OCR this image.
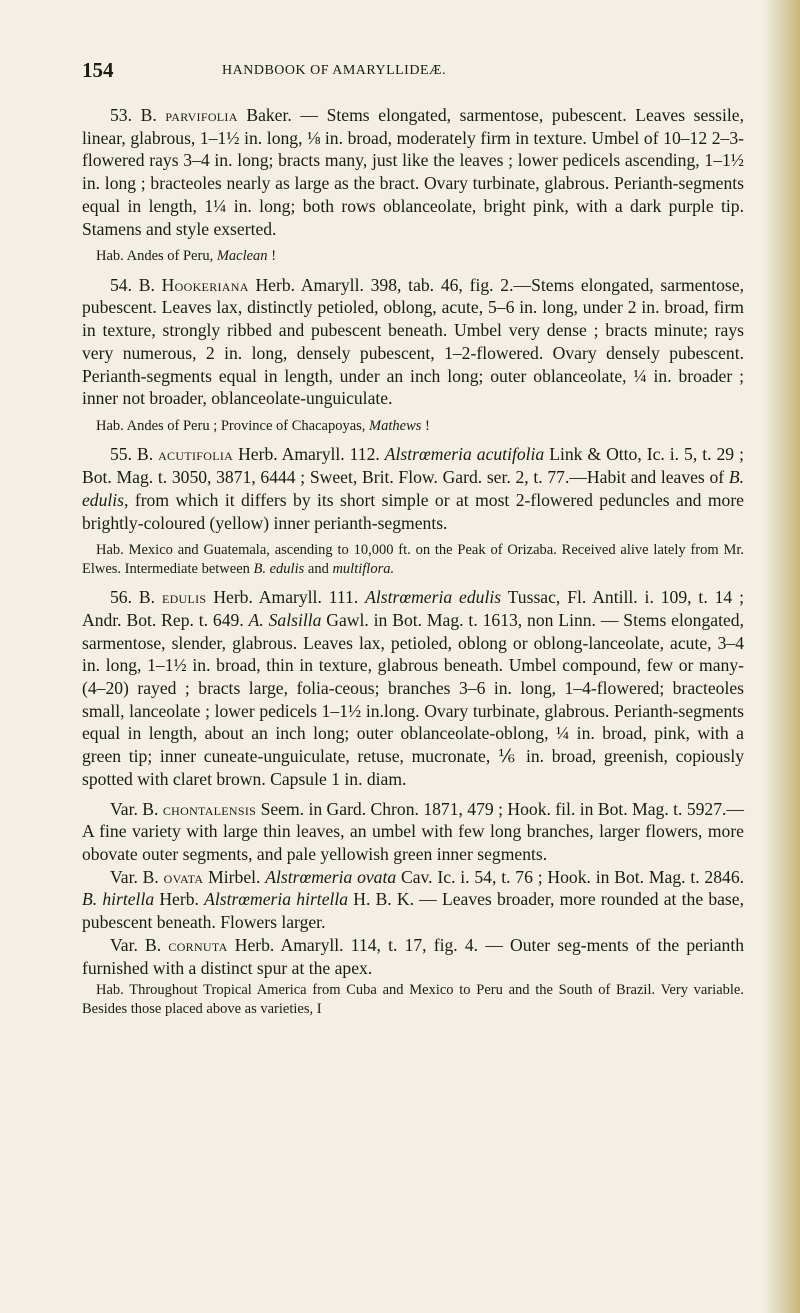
154	HANDBOOK OF AMARYLLIDEÆ.

53. B. parvifolia Baker. — Stems elongated, sarmentose, pubescent. Leaves sessile, linear, glabrous, 1–1½ in. long, ⅛ in. broad, moderately firm in texture. Umbel of 10–12 2–3-flowered rays 3–4 in. long; bracts many, just like the leaves ; lower pedicels ascending, 1–1½ in. long ; bracteoles nearly as large as the bract. Ovary turbinate, glabrous. Perianth-segments equal in length, 1¼ in. long; both rows oblanceolate, bright pink, with a dark purple tip. Stamens and style exserted.

Hab. Andes of Peru, Maclean !

54. B. Hookeriana Herb. Amaryll. 398, tab. 46, fig. 2.—Stems elongated, sarmentose, pubescent. Leaves lax, distinctly petioled, oblong, acute, 5–6 in. long, under 2 in. broad, firm in texture, strongly ribbed and pubescent beneath. Umbel very dense ; bracts minute; rays very numerous, 2 in. long, densely pubescent, 1–2-flowered. Ovary densely pubescent. Perianth-segments equal in length, under an inch long; outer oblanceolate, ¼ in. broader ; inner not broader, oblanceolate-unguiculate.

Hab. Andes of Peru ; Province of Chacapoyas, Mathews !

55. B. acutifolia Herb. Amaryll. 112. Alstrœmeria acutifolia Link & Otto, Ic. i. 5, t. 29 ; Bot. Mag. t. 3050, 3871, 6444 ; Sweet, Brit. Flow. Gard. ser. 2, t. 77.—Habit and leaves of B. edulis, from which it differs by its short simple or at most 2-flowered peduncles and more brightly-coloured (yellow) inner perianth-segments.

Hab. Mexico and Guatemala, ascending to 10,000 ft. on the Peak of Orizaba. Received alive lately from Mr. Elwes. Intermediate between B. edulis and multiflora.

56. B. edulis Herb. Amaryll. 111. Alstrœmeria edulis Tussac, Fl. Antill. i. 109, t. 14 ; Andr. Bot. Rep. t. 649. A. Salsilla Gawl. in Bot. Mag. t. 1613, non Linn. — Stems elongated, sarmentose, slender, glabrous. Leaves lax, petioled, oblong or oblong-lanceolate, acute, 3–4 in. long, 1–1½ in. broad, thin in texture, glabrous beneath. Umbel compound, few or many- (4–20) rayed ; bracts large, folia-ceous; branches 3–6 in. long, 1–4-flowered; bracteoles small, lanceolate ; lower pedicels 1–1½ in.long. Ovary turbinate, glabrous. Perianth-segments equal in length, about an inch long; outer oblanceolate-oblong, ¼ in. broad, pink, with a green tip; inner cuneate-unguiculate, retuse, mucronate, ⅙ in. broad, greenish, copiously spotted with claret brown. Capsule 1 in. diam.

Var. B. chontalensis Seem. in Gard. Chron. 1871, 479 ; Hook. fil. in Bot. Mag. t. 5927.—A fine variety with large thin leaves, an umbel with few long branches, larger flowers, more obovate outer segments, and pale yellowish green inner segments.

Var. B. ovata Mirbel. Alstrœmeria ovata Cav. Ic. i. 54, t. 76 ; Hook. in Bot. Mag. t. 2846. B. hirtella Herb. Alstrœmeria hirtella H. B. K. — Leaves broader, more rounded at the base, pubescent beneath. Flowers larger.

Var. B. cornuta Herb. Amaryll. 114, t. 17, fig. 4. — Outer seg-ments of the perianth furnished with a distinct spur at the apex.

Hab. Throughout Tropical America from Cuba and Mexico to Peru and the South of Brazil. Very variable. Besides those placed above as varieties, I
